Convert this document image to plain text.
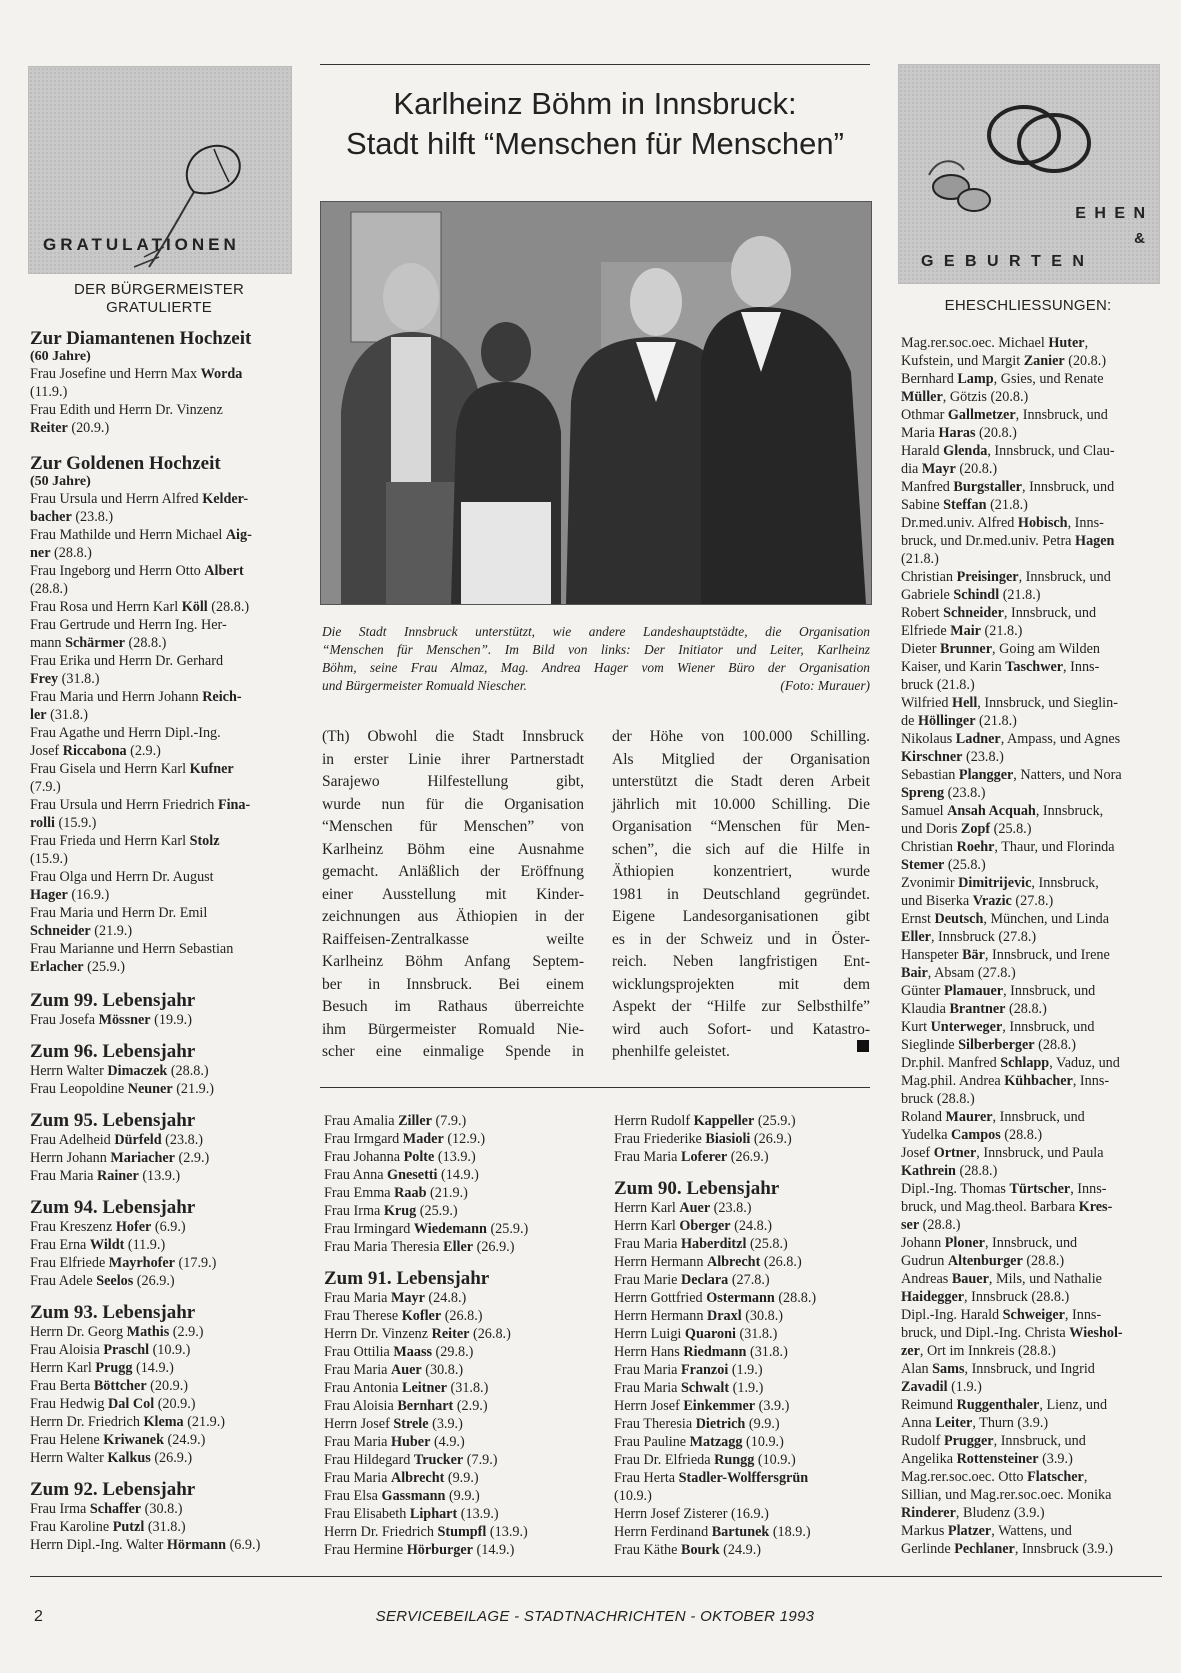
GRATULATIONEN
DER BÜRGERMEISTER
GRATULIERTE
Zur Diamantenen Hochzeit
(60 Jahre)
Frau Josefine und Herrn Max Worda
(11.9.)
Frau Edith und Herrn Dr. Vinzenz
Reiter (20.9.)
Zur Goldenen Hochzeit
(50 Jahre)
Frau Ursula und Herrn Alfred Kelder-
bacher (23.8.)
Frau Mathilde und Herrn Michael Aig-
ner (28.8.)
Frau Ingeborg und Herrn Otto Albert
(28.8.)
Frau Rosa und Herrn Karl Köll (28.8.)
Frau Gertrude und Herrn Ing. Her-
mann Schärmer (28.8.)
Frau Erika und Herrn Dr. Gerhard
Frey (31.8.)
Frau Maria und Herrn Johann Reich-
ler (31.8.)
Frau Agathe und Herrn Dipl.-Ing.
Josef Riccabona (2.9.)
Frau Gisela und Herrn Karl Kufner
(7.9.)
Frau Ursula und Herrn Friedrich Fina-
rolli (15.9.)
Frau Frieda und Herrn Karl Stolz
(15.9.)
Frau Olga und Herrn Dr. August
Hager (16.9.)
Frau Maria und Herrn Dr. Emil
Schneider (21.9.)
Frau Marianne und Herrn Sebastian
Erlacher (25.9.)
Zum 99. Lebensjahr
Frau Josefa Mössner (19.9.)
Zum 96. Lebensjahr
Herrn Walter Dimaczek (28.8.)
Frau Leopoldine Neuner (21.9.)
Zum 95. Lebensjahr
Frau Adelheid Dürfeld (23.8.)
Herrn Johann Mariacher (2.9.)
Frau Maria Rainer (13.9.)
Zum 94. Lebensjahr
Frau Kreszenz Hofer (6.9.)
Frau Erna Wildt (11.9.)
Frau Elfriede Mayrhofer (17.9.)
Frau Adele Seelos (26.9.)
Zum 93. Lebensjahr
Herrn Dr. Georg Mathis (2.9.)
Frau Aloisia Praschl (10.9.)
Herrn Karl Prugg (14.9.)
Frau Berta Böttcher (20.9.)
Frau Hedwig Dal Col (20.9.)
Herrn Dr. Friedrich Klema (21.9.)
Frau Helene Kriwanek (24.9.)
Herrn Walter Kalkus (26.9.)
Zum 92. Lebensjahr
Frau Irma Schaffer (30.8.)
Frau Karoline Putzl (31.8.)
Herrn Dipl.-Ing. Walter Hörmann (6.9.)
Karlheinz Böhm in Innsbruck:
Stadt hilft “Menschen für Menschen”
Die Stadt Innsbruck unterstützt, wie andere Landeshauptstädte, die Organisation
“Menschen für Menschen”. Im Bild von links: Der Initiator und Leiter, Karlheinz
Böhm, seine Frau Almaz, Mag. Andrea Hager vom Wiener Büro der Organisation
und Bürgermeister Romuald Niescher.	(Foto: Murauer)
(Th) Obwohl die Stadt Innsbruck
in erster Linie ihrer Partnerstadt
Sarajewo Hilfestellung gibt,
wurde nun für die Organisation
“Menschen für Menschen” von
Karlheinz Böhm eine Ausnahme
gemacht. Anläßlich der Eröffnung
einer Ausstellung mit Kinder-
zeichnungen aus Äthiopien in der
Raiffeisen-Zentralkasse weilte
Karlheinz Böhm Anfang Septem-
ber in Innsbruck. Bei einem
Besuch im Rathaus überreichte
ihm Bürgermeister Romuald Nie-
scher eine einmalige Spende in
der Höhe von 100.000 Schilling.
Als Mitglied der Organisation
unterstützt die Stadt deren Arbeit
jährlich mit 10.000 Schilling. Die
Organisation “Menschen für Men-
schen”, die sich auf die Hilfe in
Äthiopien konzentriert, wurde
1981 in Deutschland gegründet.
Eigene Landesorganisationen gibt
es in der Schweiz und in Öster-
reich. Neben langfristigen Ent-
wicklungsprojekten mit dem
Aspekt der “Hilfe zur Selbsthilfe”
wird auch Sofort- und Katastro-
phenhilfe geleistet.
Frau Amalia Ziller (7.9.)
Frau Irmgard Mader (12.9.)
Frau Johanna Polte (13.9.)
Frau Anna Gnesetti (14.9.)
Frau Emma Raab (21.9.)
Frau Irma Krug (25.9.)
Frau Irmingard Wiedemann (25.9.)
Frau Maria Theresia Eller (26.9.)
Zum 91. Lebensjahr
Frau Maria Mayr (24.8.)
Frau Therese Kofler (26.8.)
Herrn Dr. Vinzenz Reiter (26.8.)
Frau Ottilia Maass (29.8.)
Frau Maria Auer (30.8.)
Frau Antonia Leitner (31.8.)
Frau Aloisia Bernhart (2.9.)
Herrn Josef Strele (3.9.)
Frau Maria Huber (4.9.)
Frau Hildegard Trucker (7.9.)
Frau Maria Albrecht (9.9.)
Frau Elsa Gassmann (9.9.)
Frau Elisabeth Liphart (13.9.)
Herrn Dr. Friedrich Stumpfl (13.9.)
Frau Hermine Hörburger (14.9.)
Herrn Rudolf Kappeller (25.9.)
Frau Friederike Biasioli (26.9.)
Frau Maria Loferer (26.9.)
Zum 90. Lebensjahr
Herrn Karl Auer (23.8.)
Herrn Karl Oberger (24.8.)
Frau Maria Haberditzl (25.8.)
Herrn Hermann Albrecht (26.8.)
Frau Marie Declara (27.8.)
Herrn Gottfried Ostermann (28.8.)
Herrn Hermann Draxl (30.8.)
Herrn Luigi Quaroni (31.8.)
Herrn Hans Riedmann (31.8.)
Frau Maria Franzoi (1.9.)
Frau Maria Schwalt (1.9.)
Herrn Josef Einkemmer (3.9.)
Frau Theresia Dietrich (9.9.)
Frau Pauline Matzagg (10.9.)
Frau Dr. Elfrieda Rungg (10.9.)
Frau Herta Stadler-Wolffersgrün
(10.9.)
Herrn Josef Zisterer (16.9.)
Herrn Ferdinand Bartunek (18.9.)
Frau Käthe Bourk (24.9.)
E H E N
&
G E B U R T E N
EHESCHLIESSUNGEN:
Mag.rer.soc.oec. Michael Huter,
Kufstein, und Margit Zanier (20.8.)
Bernhard Lamp, Gsies, und Renate
Müller, Götzis (20.8.)
Othmar Gallmetzer, Innsbruck, und
Maria Haras (20.8.)
Harald Glenda, Innsbruck, und Clau-
dia Mayr (20.8.)
Manfred Burgstaller, Innsbruck, und
Sabine Steffan (21.8.)
Dr.med.univ. Alfred Hobisch, Inns-
bruck, und Dr.med.univ. Petra Hagen
(21.8.)
Christian Preisinger, Innsbruck, und
Gabriele Schindl (21.8.)
Robert Schneider, Innsbruck, und
Elfriede Mair (21.8.)
Dieter Brunner, Going am Wilden
Kaiser, und Karin Taschwer, Inns-
bruck (21.8.)
Wilfried Hell, Innsbruck, und Sieglin-
de Höllinger (21.8.)
Nikolaus Ladner, Ampass, und Agnes
Kirschner (23.8.)
Sebastian Plangger, Natters, und Nora
Spreng (23.8.)
Samuel Ansah Acquah, Innsbruck,
und Doris Zopf (25.8.)
Christian Roehr, Thaur, und Florinda
Stemer (25.8.)
Zvonimir Dimitrijevic, Innsbruck,
und Biserka Vrazic (27.8.)
Ernst Deutsch, München, und Linda
Eller, Innsbruck (27.8.)
Hanspeter Bär, Innsbruck, und Irene
Bair, Absam (27.8.)
Günter Plamauer, Innsbruck, und
Klaudia Brantner (28.8.)
Kurt Unterweger, Innsbruck, und
Sieglinde Silberberger (28.8.)
Dr.phil. Manfred Schlapp, Vaduz, und
Mag.phil. Andrea Kühbacher, Inns-
bruck (28.8.)
Roland Maurer, Innsbruck, und
Yudelka Campos (28.8.)
Josef Ortner, Innsbruck, und Paula
Kathrein (28.8.)
Dipl.-Ing. Thomas Türtscher, Inns-
bruck, und Mag.theol. Barbara Kres-
ser (28.8.)
Johann Ploner, Innsbruck, und
Gudrun Altenburger (28.8.)
Andreas Bauer, Mils, und Nathalie
Haidegger, Innsbruck (28.8.)
Dipl.-Ing. Harald Schweiger, Inns-
bruck, und Dipl.-Ing. Christa Wieshol-
zer, Ort im Innkreis (28.8.)
Alan Sams, Innsbruck, und Ingrid
Zavadil (1.9.)
Reimund Ruggenthaler, Lienz, und
Anna Leiter, Thurn (3.9.)
Rudolf Prugger, Innsbruck, und
Angelika Rottensteiner (3.9.)
Mag.rer.soc.oec. Otto Flatscher,
Sillian, und Mag.rer.soc.oec. Monika
Rinderer, Bludenz (3.9.)
Markus Platzer, Wattens, und
Gerlinde Pechlaner, Innsbruck (3.9.)
2	SERVICEBEILAGE - STADTNACHRICHTEN - OKTOBER 1993
